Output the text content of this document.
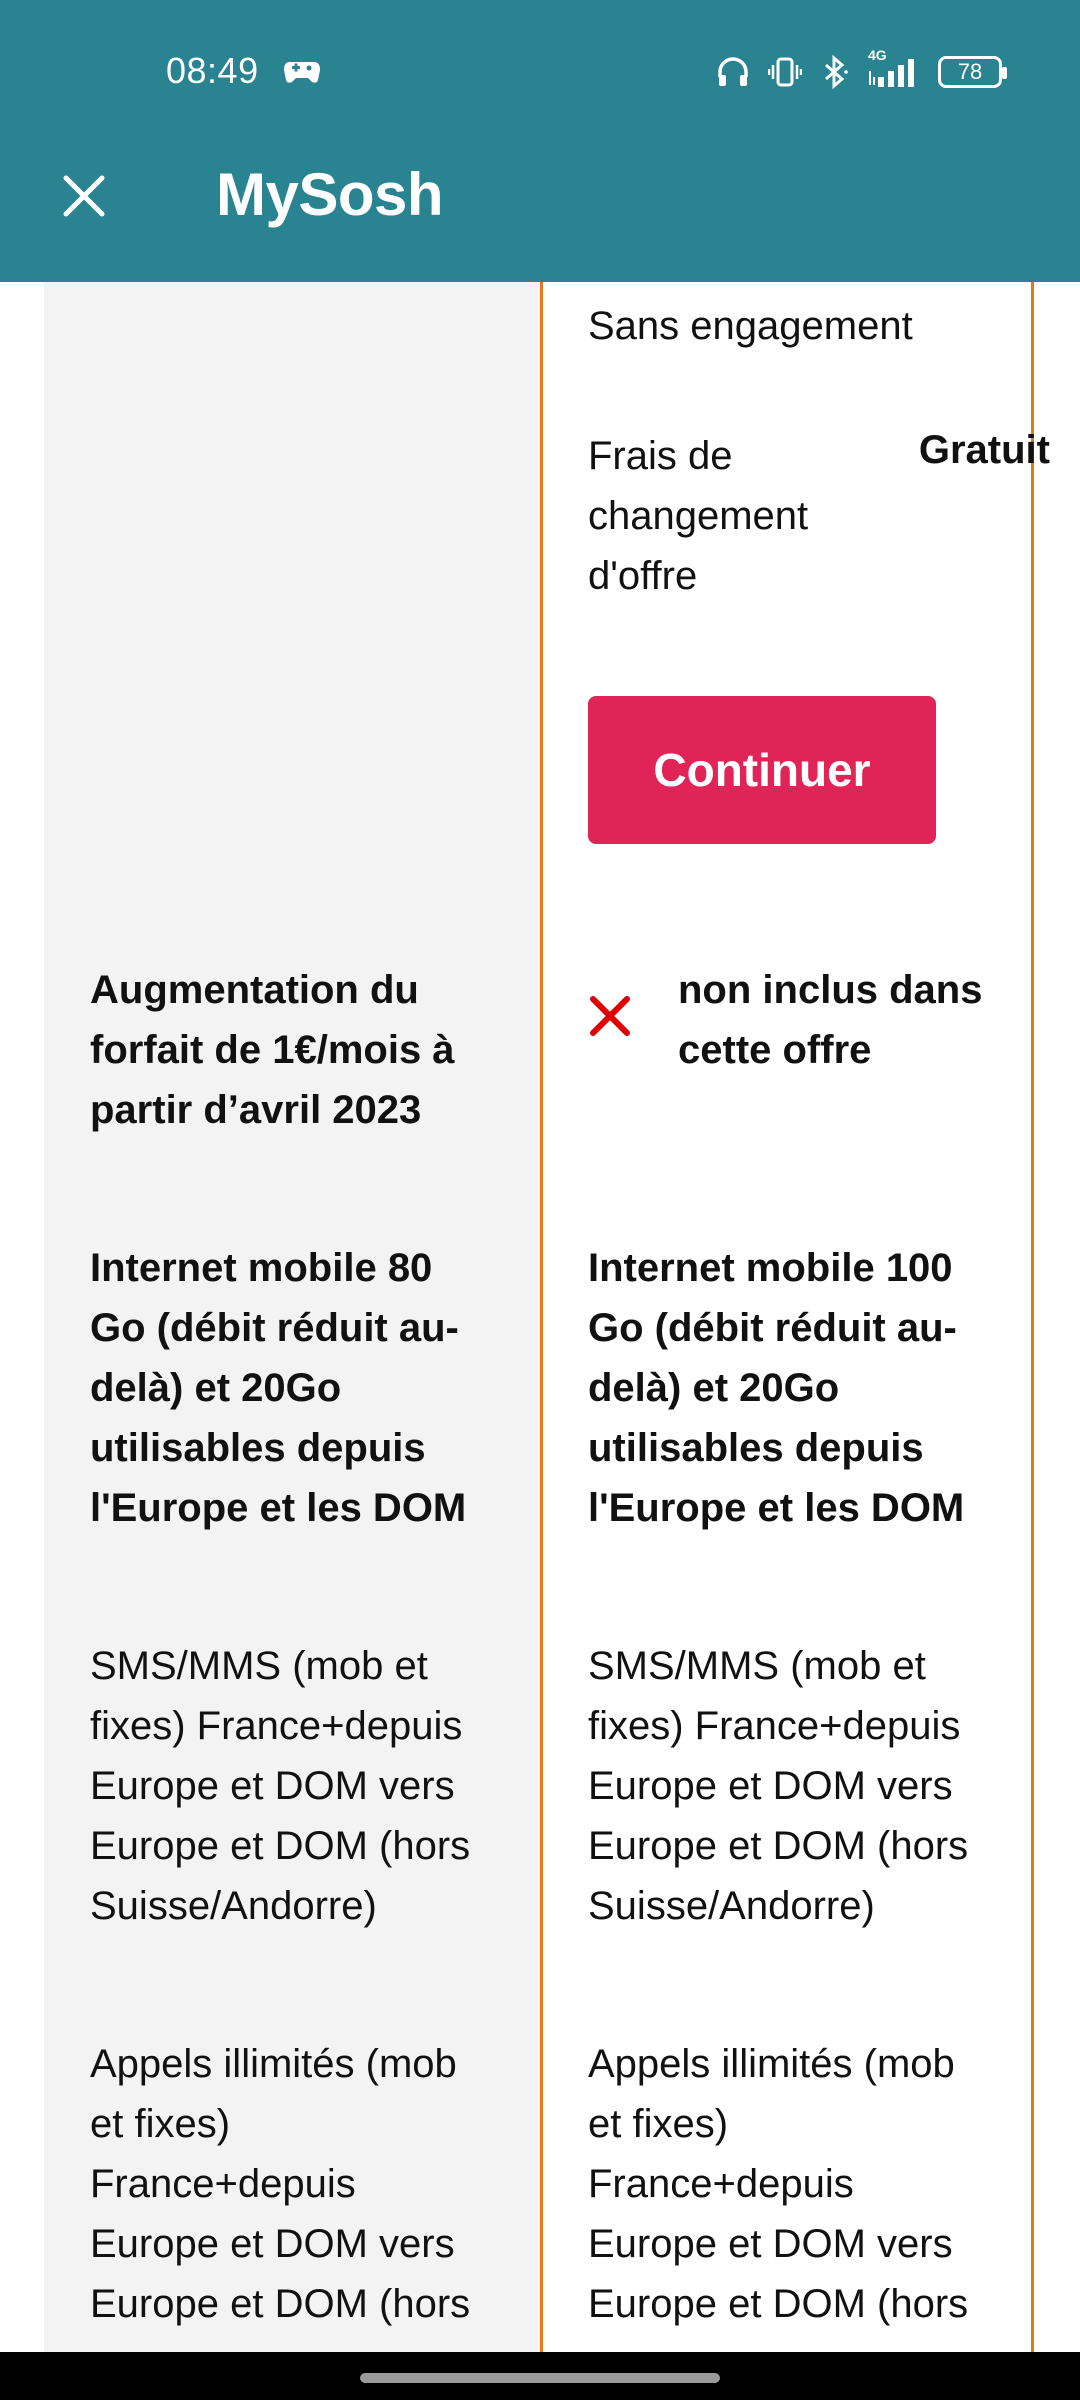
08:49	4G
78
MySosh
Sans engagement
Frais de
changement
d'offre
Gratuit
Continuer
Augmentation du
forfait de 1€/mois à
partir d’avril 2023
non inclus dans
cette offre
Internet mobile 80
Go (débit réduit au-
delà) et 20Go
utilisables depuis
l'Europe et les DOM
Internet mobile 100
Go (débit réduit au-
delà) et 20Go
utilisables depuis
l'Europe et les DOM
SMS/MMS (mob et
fixes) France+depuis
Europe et DOM vers
Europe et DOM (hors
Suisse/Andorre)
SMS/MMS (mob et
fixes) France+depuis
Europe et DOM vers
Europe et DOM (hors
Suisse/Andorre)
Appels illimités (mob
et fixes)
France+depuis
Europe et DOM vers
Europe et DOM (hors
Appels illimités (mob
et fixes)
France+depuis
Europe et DOM vers
Europe et DOM (hors
